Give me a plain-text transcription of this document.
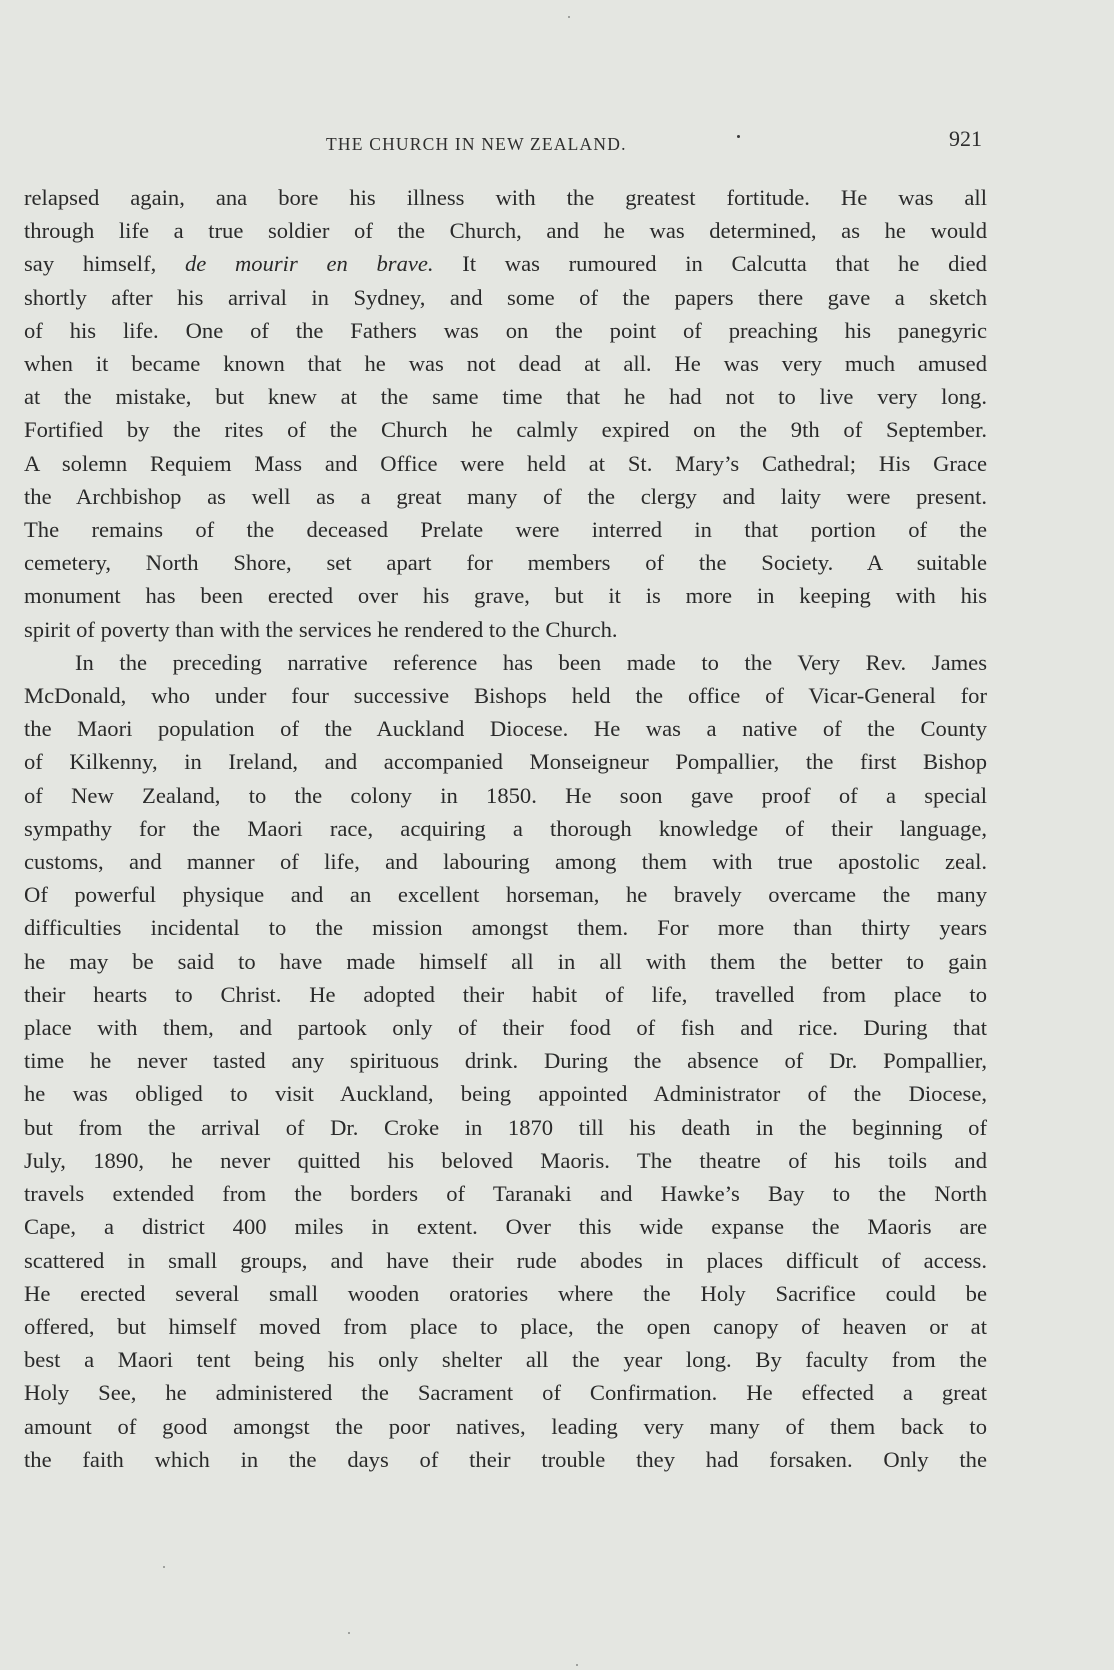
THE CHURCH IN NEW ZEALAND.	921

relapsed again, ana bore his illness with the greatest fortitude. He was all
through life a true soldier of the Church, and he was determined, as he would
say himself, de mourir en brave. It was rumoured in Calcutta that he died
shortly after his arrival in Sydney, and some of the papers there gave a sketch
of his life. One of the Fathers was on the point of preaching his panegyric
when it became known that he was not dead at all. He was very much amused
at the mistake, but knew at the same time that he had not to live very long.
Fortified by the rites of the Church he calmly expired on the 9th of September.
A solemn Requiem Mass and Office were held at St. Mary’s Cathedral; His Grace
the Archbishop as well as a great many of the clergy and laity were present.
The remains of the deceased Prelate were interred in that portion of the
cemetery, North Shore, set apart for members of the Society. A suitable
monument has been erected over his grave, but it is more in keeping with his
spirit of poverty than with the services he rendered to the Church.

In the preceding narrative reference has been made to the Very Rev. James
McDonald, who under four successive Bishops held the office of Vicar-General for
the Maori population of the Auckland Diocese. He was a native of the County
of Kilkenny, in Ireland, and accompanied Monseigneur Pompallier, the first Bishop
of New Zealand, to the colony in 1850. He soon gave proof of a special
sympathy for the Maori race, acquiring a thorough knowledge of their language,
customs, and manner of life, and labouring among them with true apostolic zeal.
Of powerful physique and an excellent horseman, he bravely overcame the many
difficulties incidental to the mission amongst them. For more than thirty years
he may be said to have made himself all in all with them the better to gain
their hearts to Christ. He adopted their habit of life, travelled from place to
place with them, and partook only of their food of fish and rice. During that
time he never tasted any spirituous drink. During the absence of Dr. Pompallier,
he was obliged to visit Auckland, being appointed Administrator of the Diocese,
but from the arrival of Dr. Croke in 1870 till his death in the beginning of
July, 1890, he never quitted his beloved Maoris. The theatre of his toils and
travels extended from the borders of Taranaki and Hawke’s Bay to the North
Cape, a district 400 miles in extent. Over this wide expanse the Maoris are
scattered in small groups, and have their rude abodes in places difficult of access.
He erected several small wooden oratories where the Holy Sacrifice could be
offered, but himself moved from place to place, the open canopy of heaven or at
best a Maori tent being his only shelter all the year long. By faculty from the
Holy See, he administered the Sacrament of Confirmation. He effected a great
amount of good amongst the poor natives, leading very many of them back to
the faith which in the days of their trouble they had forsaken. Only the
